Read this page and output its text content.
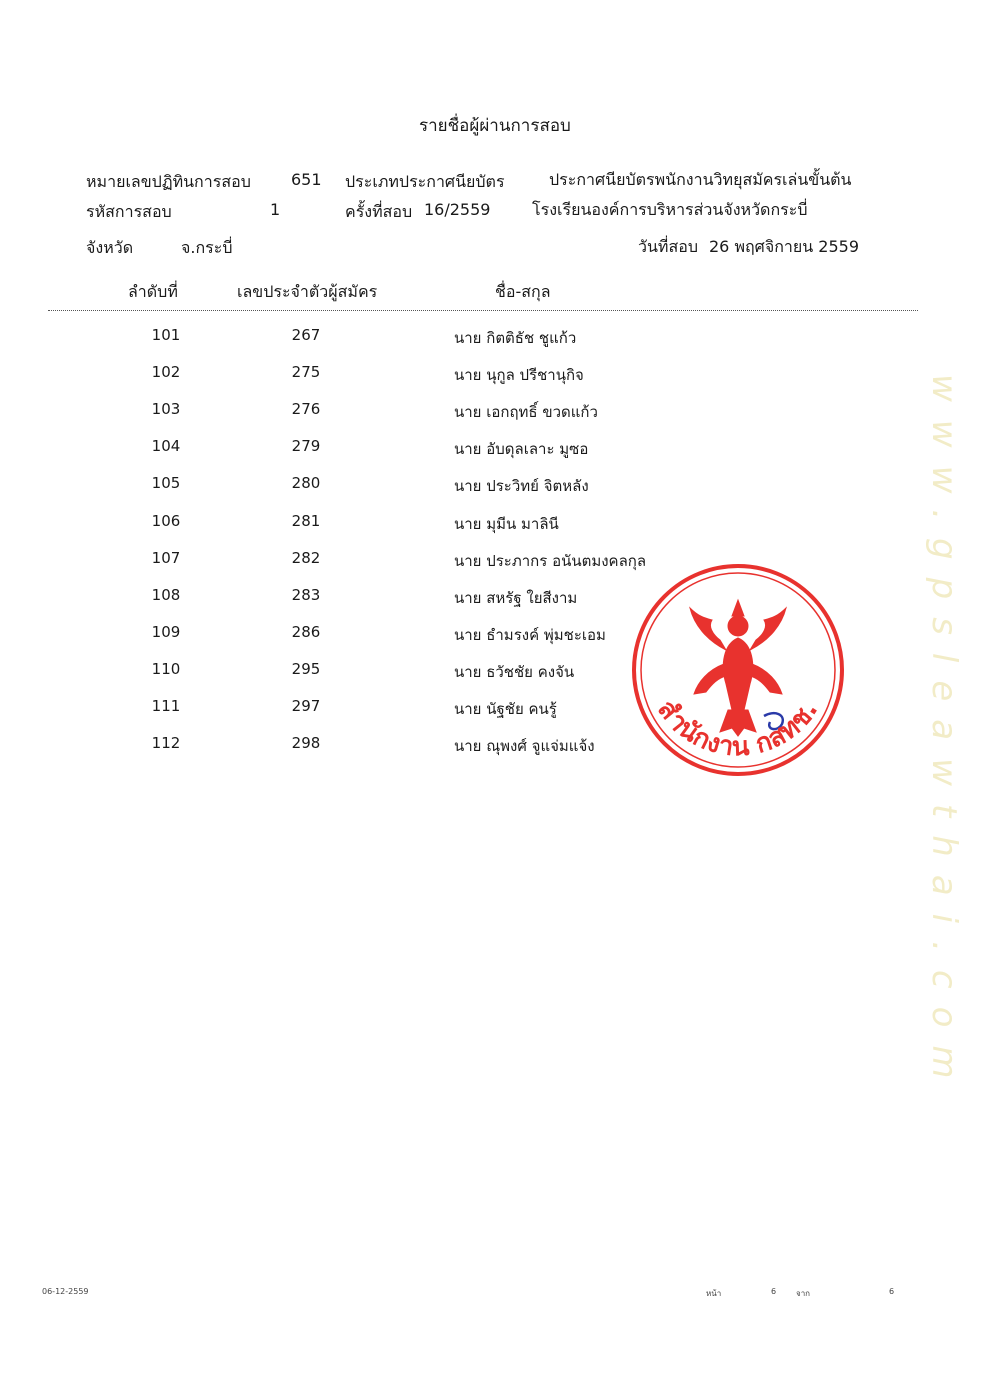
รายชื่อผู้ผ่านการสอบ
หมายเลขปฏิทินการสอบ	651 ประเภทประกาศนียบัตร	ประกาศนียบัตรพนักงานวิทยุสมัครเล่นขั้นต้น
รหัสการสอบ	1	ครั้งที่สอบ 16/2559	โรงเรียนองค์การบริหารส่วนจังหวัดกระบี่
จังหวัด	จ.กระบี่	วันที่สอบ 26 พฤศจิกายน 2559
ลำดับที่	เลขประจำตัวผู้สมัคร	ชื่อ-สกุล
101	267	นาย กิตติธัช ชูแก้ว
102	275	นาย นุกูล ปรีชานุกิจ
103	276	นาย เอกฤทธิ์ ขวดแก้ว
104	279	นาย อับดุลเลาะ มูซอ
105	280	นาย ประวิทย์ จิตหลัง
106	281	นาย มุมีน มาลินี
107	282	นาย ประภากร อนันตมงคลกุล
108	283	นาย สหรัฐ ใยสีงาม
109	286	นาย ธำมรงค์ พุ่มชะเอม
110	295	นาย ธวัชชัย คงจัน
111	297	นาย นัฐชัย คนรู้
112	298	นาย ณุพงศ์ จูแจ่มแจ้ง
06-12-2559	หน้า	6 จาก	6
www.gpsleawthai.com
สำนักงาน กสทช.
